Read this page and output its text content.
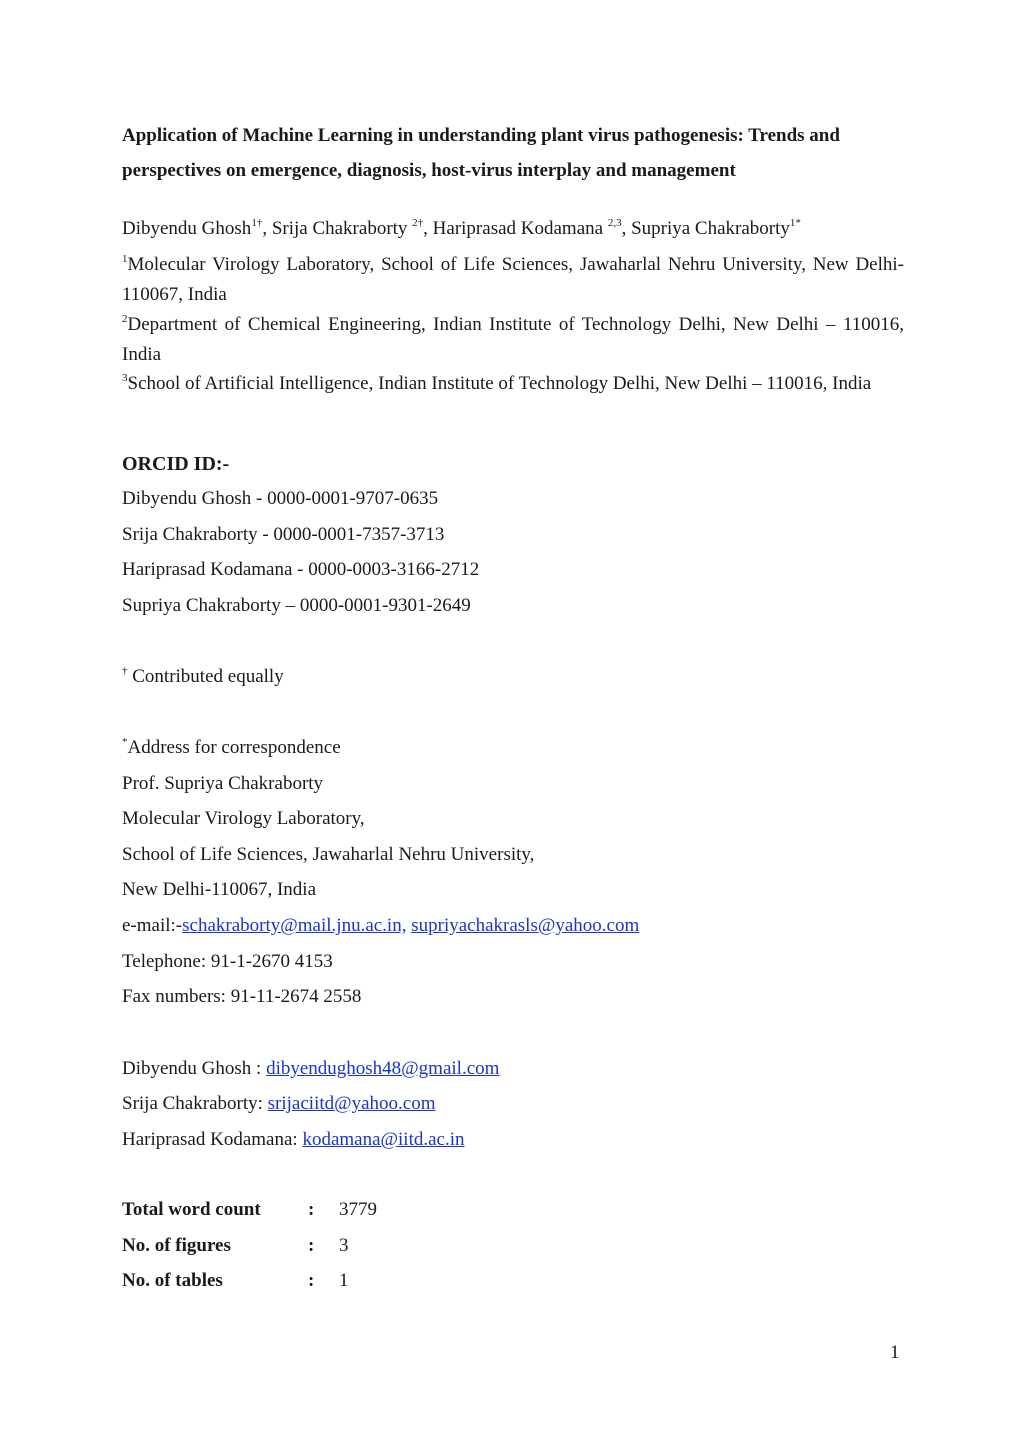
Application of Machine Learning in understanding plant virus pathogenesis: Trends and perspectives on emergence, diagnosis, host-virus interplay and management
Dibyendu Ghosh$^{1\dagger}$, Srija Chakraborty $^{2\dagger}$, Hariprasad Kodamana $^{2,3}$, Supriya Chakraborty$^{1*}$
$^1$Molecular Virology Laboratory, School of Life Sciences, Jawaharlal Nehru University, New Delhi-110067, India
$^2$Department of Chemical Engineering, Indian Institute of Technology Delhi, New Delhi – 110016, India
$^3$School of Artificial Intelligence, Indian Institute of Technology Delhi, New Delhi – 110016, India
ORCID ID:-
Dibyendu Ghosh - 0000-0001-9707-0635
Srija Chakraborty - 0000-0001-7357-3713
Hariprasad Kodamana - 0000-0003-3166-2712
Supriya Chakraborty – 0000-0001-9301-2649
† Contributed equally
*Address for correspondence
Prof. Supriya Chakraborty
Molecular Virology Laboratory,
School of Life Sciences, Jawaharlal Nehru University,
New Delhi-110067, India
e-mail:-schakraborty@mail.jnu.ac.in, supriyachakrasls@yahoo.com
Telephone: 91-1-2670 4153
Fax numbers: 91-11-2674 2558
Dibyendu Ghosh : dibyendughosh48@gmail.com
Srija Chakraborty: srijaciitd@yahoo.com
Hariprasad Kodamana: kodamana@iitd.ac.in
Total word count : 3779
No. of figures	: 3
No. of tables	: 1
1
